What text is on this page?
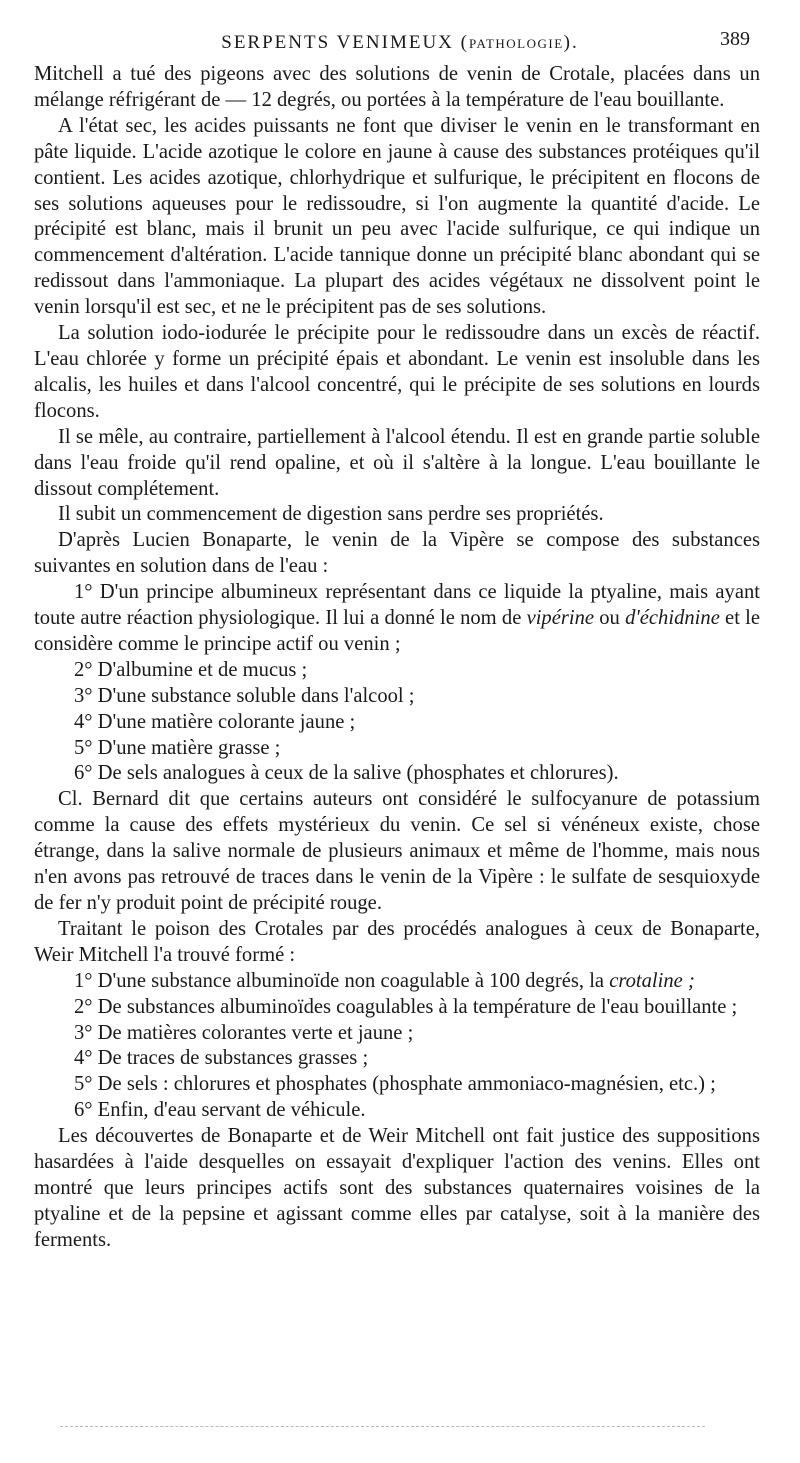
SERPENTS VENIMEUX (PATHOLOGIE).	389

Mitchell a tué des pigeons avec des solutions de venin de Crotale, placées dans un mélange réfrigérant de — 12 degrés, ou portées à la température de l'eau bouillante.

A l'état sec, les acides puissants ne font que diviser le venin en le transformant en pâte liquide. L'acide azotique le colore en jaune à cause des substances protéiques qu'il contient. Les acides azotique, chlorhydrique et sulfurique, le précipitent en flocons de ses solutions aqueuses pour le redissoudre, si l'on augmente la quantité d'acide. Le précipité est blanc, mais il brunit un peu avec l'acide sulfurique, ce qui indique un commencement d'altération. L'acide tannique donne un précipité blanc abondant qui se redissout dans l'ammoniaque. La plupart des acides végétaux ne dissolvent point le venin lorsqu'il est sec, et ne le précipitent pas de ses solutions.

La solution iodo-iodurée le précipite pour le redissoudre dans un excès de réactif. L'eau chlorée y forme un précipité épais et abondant. Le venin est insoluble dans les alcalis, les huiles et dans l'alcool concentré, qui le précipite de ses solutions en lourds flocons.

Il se mêle, au contraire, partiellement à l'alcool étendu. Il est en grande partie soluble dans l'eau froide qu'il rend opaline, et où il s'altère à la longue. L'eau bouillante le dissout complétement.

Il subit un commencement de digestion sans perdre ses propriétés.

D'après Lucien Bonaparte, le venin de la Vipère se compose des substances suivantes en solution dans de l'eau :

1° D'un principe albumineux représentant dans ce liquide la ptyaline, mais ayant toute autre réaction physiologique. Il lui a donné le nom de vipérine ou d'échidnine et le considère comme le principe actif ou venin ;

2° D'albumine et de mucus ;

3° D'une substance soluble dans l'alcool ;

4° D'une matière colorante jaune ;

5° D'une matière grasse ;

6° De sels analogues à ceux de la salive (phosphates et chlorures).

Cl. Bernard dit que certains auteurs ont considéré le sulfocyanure de potassium comme la cause des effets mystérieux du venin. Ce sel si vénéneux existe, chose étrange, dans la salive normale de plusieurs animaux et même de l'homme, mais nous n'en avons pas retrouvé de traces dans le venin de la Vipère : le sulfate de sesquioxyde de fer n'y produit point de précipité rouge.

Traitant le poison des Crotales par des procédés analogues à ceux de Bonaparte, Weir Mitchell l'a trouvé formé :

1° D'une substance albuminoïde non coagulable à 100 degrés, la crotaline ;

2° De substances albuminoïdes coagulables à la température de l'eau bouillante ;

3° De matières colorantes verte et jaune ;

4° De traces de substances grasses ;

5° De sels : chlorures et phosphates (phosphate ammoniaco-magnésien, etc.) ;

6° Enfin, d'eau servant de véhicule.

Les découvertes de Bonaparte et de Weir Mitchell ont fait justice des suppositions hasardées à l'aide desquelles on essayait d'expliquer l'action des venins. Elles ont montré que leurs principes actifs sont des substances quaternaires voisines de la ptyaline et de la pepsine et agissant comme elles par catalyse, soit à la manière des ferments.
